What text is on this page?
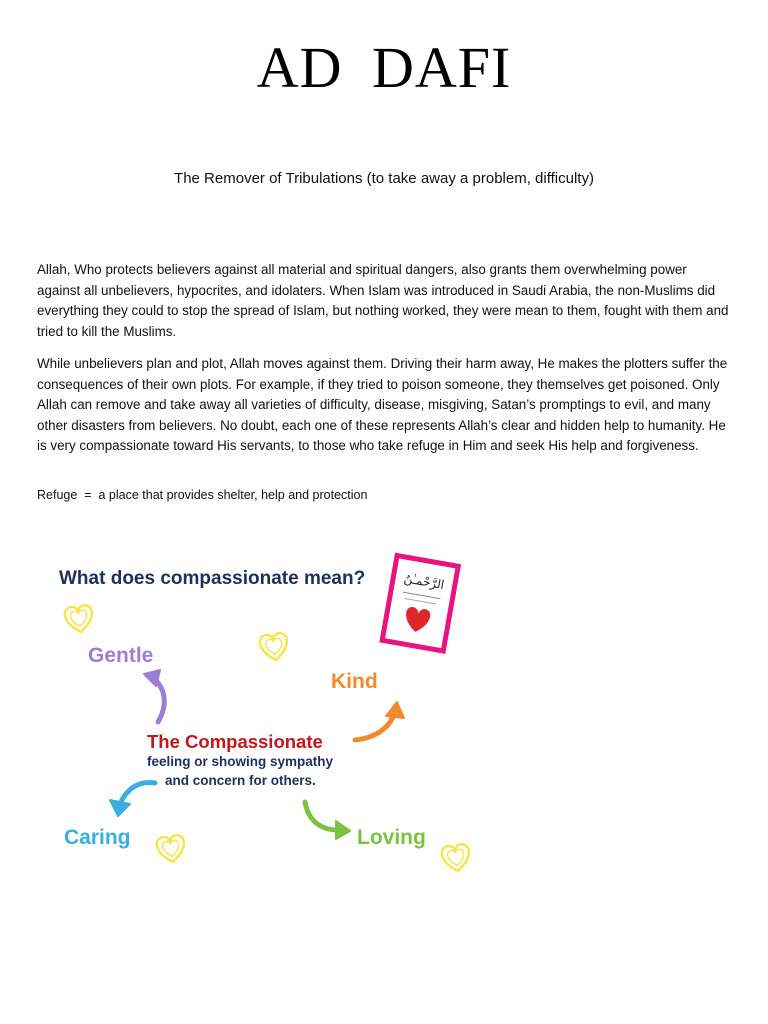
AD DAFI
The Remover of Tribulations (to take away a problem, difficulty)

Allah, Who protects believers against all material and spiritual dangers, also grants them overwhelming power against all unbelievers, hypocrites, and idolaters. When Islam was introduced in Saudi Arabia, the non-Muslims did everything they could to stop the spread of Islam, but nothing worked, they were mean to them, fought with them and tried to kill the Muslims.

While unbelievers plan and plot, Allah moves against them. Driving their harm away, He makes the plotters suffer the consequences of their own plots. For example, if they tried to poison someone, they themselves get poisoned. Only Allah can remove and take away all varieties of difficulty, disease, misgiving, Satan’s promptings to evil, and many other disasters from believers. No doubt, each one of these represents Allah’s clear and hidden help to humanity. He is very compassionate toward His servants, to those who take refuge in Him and seek His help and forgiveness.

Refuge  =  a place that provides shelter, help and protection
What does compassionate mean?	الرَّحْمـٰنُ
Gentle
Kind
Caring	Loving
The Compassionate
feeling or showing sympathy
and concern for others.
